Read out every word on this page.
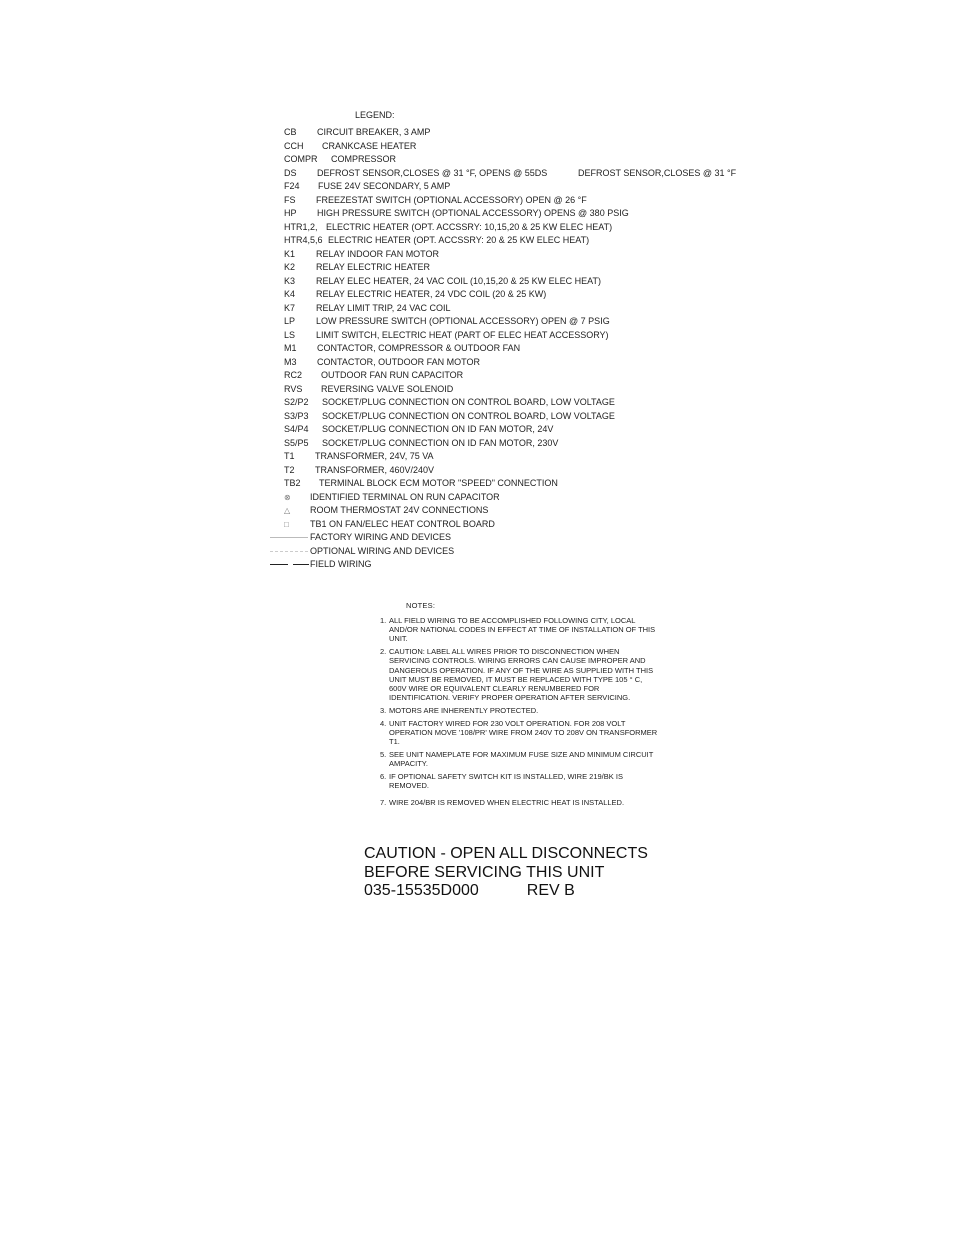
LEGEND:
CB CIRCUIT BREAKER, 3 AMP
CCH CRANKCASE HEATER
COMPR COMPRESSOR
DS DEFROST SENSOR,CLOSES @ 31 °F, OPENS @ 55DS	DEFROST SENSOR,CLOSES @ 31 °F
F24 FUSE 24V SECONDARY, 5 AMP
FS FREEZESTAT SWITCH (OPTIONAL ACCESSORY) OPEN @ 26 °F
HP HIGH PRESSURE SWITCH (OPTIONAL ACCESSORY) OPENS @ 380 PSIG
HTR1,2, ELECTRIC HEATER (OPT. ACCSSRY: 10,15,20 & 25 KW ELEC HEAT)
HTR4,5,6 ELECTRIC HEATER (OPT. ACCSSRY: 20 & 25 KW ELEC HEAT)
K1 RELAY INDOOR FAN MOTOR
K2 RELAY ELECTRIC HEATER
K3 RELAY ELEC HEATER, 24 VAC COIL (10,15,20 & 25 KW ELEC HEAT)
K4 RELAY ELECTRIC HEATER, 24 VDC COIL (20 & 25 KW)
K7 RELAY LIMIT TRIP, 24 VAC COIL
LP LOW PRESSURE SWITCH (OPTIONAL ACCESSORY) OPEN @ 7 PSIG
LS LIMIT SWITCH, ELECTRIC HEAT (PART OF ELEC HEAT ACCESSORY)
M1 CONTACTOR, COMPRESSOR & OUTDOOR FAN
M3 CONTACTOR, OUTDOOR FAN MOTOR
RC2 OUTDOOR FAN RUN CAPACITOR
RVS REVERSING VALVE SOLENOID
S2/P2 SOCKET/PLUG CONNECTION ON CONTROL BOARD, LOW VOLTAGE
S3/P3 SOCKET/PLUG CONNECTION ON CONTROL BOARD, LOW VOLTAGE
S4/P4 SOCKET/PLUG CONNECTION ON ID FAN MOTOR, 24V
S5/P5 SOCKET/PLUG CONNECTION ON ID FAN MOTOR, 230V
T1 TRANSFORMER, 24V, 75 VA
T2 TRANSFORMER, 460V/240V
TB2 TERMINAL BLOCK ECM MOTOR "SPEED" CONNECTION
⊗ IDENTIFIED TERMINAL ON RUN CAPACITOR
△ ROOM THERMOSTAT 24V CONNECTIONS
□ TB1 ON FAN/ELEC HEAT CONTROL BOARD
FACTORY WIRING AND DEVICES
OPTIONAL WIRING AND DEVICES
FIELD WIRING
NOTES:
1. ALL FIELD WIRING TO BE ACCOMPLISHED FOLLOWING CITY, LOCAL AND/OR NATIONAL CODES IN EFFECT AT TIME OF INSTALLATION OF THIS UNIT.
2. CAUTION: LABEL ALL WIRES PRIOR TO DISCONNECTION WHEN SERVICING CONTROLS. WIRING ERRORS CAN CAUSE IMPROPER AND DANGEROUS OPERATION. IF ANY OF THE WIRE AS SUPPLIED WITH THIS UNIT MUST BE REMOVED, IT MUST BE REPLACED WITH TYPE 105 ° C, 600V WIRE OR EQUIVALENT CLEARLY RENUMBERED FOR IDENTIFICATION. VERIFY PROPER OPERATION AFTER SERVICING.
3. MOTORS ARE INHERENTLY PROTECTED.
4. UNIT FACTORY WIRED FOR 230 VOLT OPERATION. FOR 208 VOLT OPERATION MOVE '108/PR' WIRE FROM 240V TO 208V ON TRANSFORMER T1.
5. SEE UNIT NAMEPLATE FOR MAXIMUM FUSE SIZE AND MINIMUM CIRCUIT AMPACITY.
6. IF OPTIONAL SAFETY SWITCH KIT IS INSTALLED, WIRE 219/BK IS REMOVED.
7. WIRE 204/BR IS REMOVED WHEN ELECTRIC HEAT IS INSTALLED.
CAUTION - OPEN ALL DISCONNECTS
BEFORE SERVICING THIS UNIT
035-15535D000	REV B
